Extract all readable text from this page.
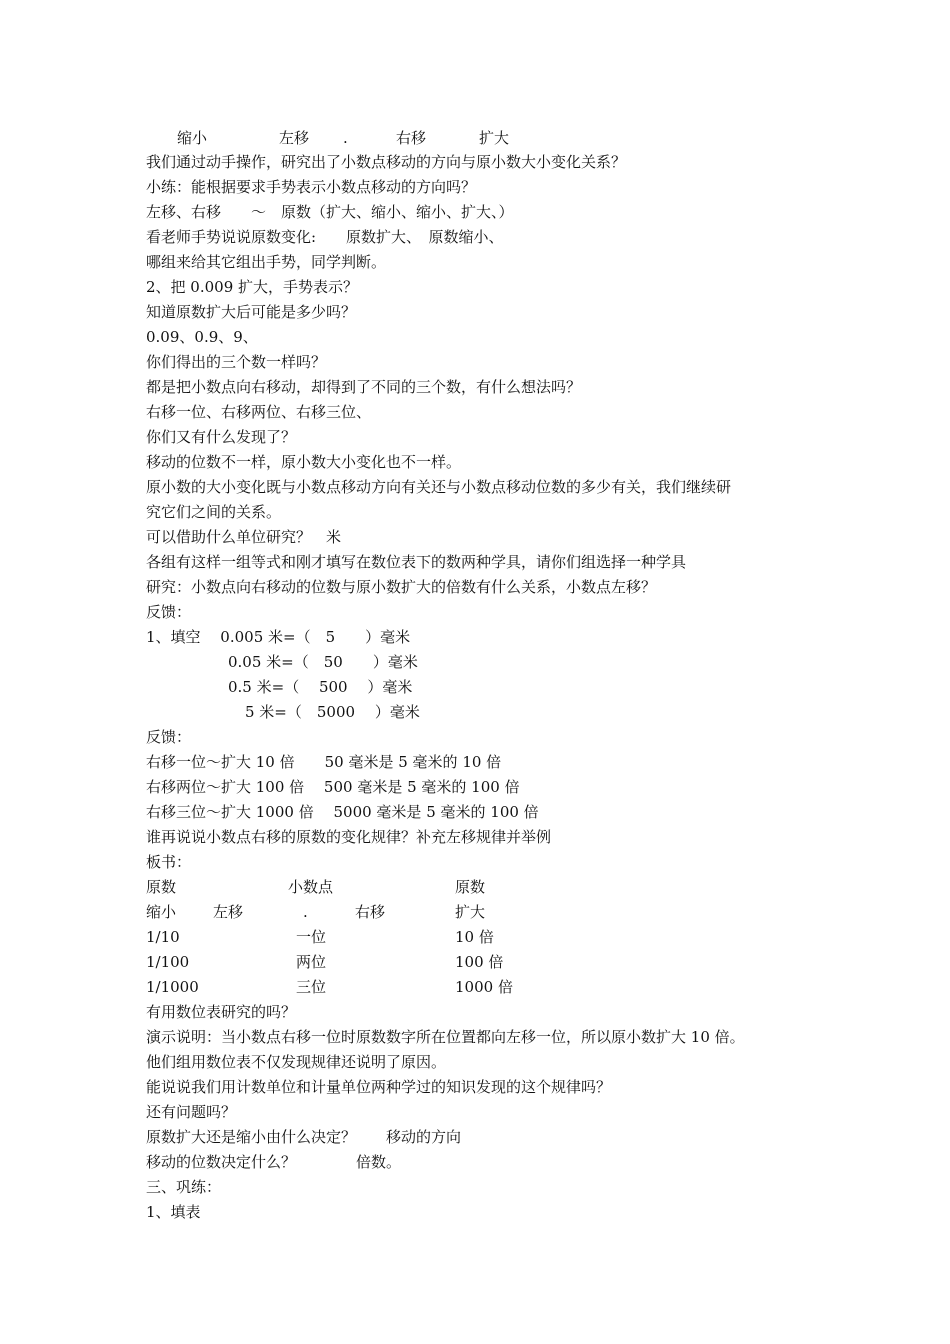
缩小	左移 .	右移	扩大
我们通过动手操作，研究出了小数点移动的方向与原小数大小变化关系？
小练：能根据要求手势表示小数点移动的方向吗？
左移、右移　　～　原数（扩大、缩小、缩小、扩大、）
看老师手势说说原数变化:　　原数扩大、　原数缩小、
哪组来给其它组出手势，同学判断。
2、把 0.009 扩大，手势表示？
知道原数扩大后可能是多少吗？
0.09、0.9、9、
你们得出的三个数一样吗？
都是把小数点向右移动，却得到了不同的三个数，有什么想法吗？
右移一位、右移两位、右移三位、
你们又有什么发现了？
移动的位数不一样，原小数大小变化也不一样。
原小数的大小变化既与小数点移动方向有关还与小数点移动位数的多少有关，我们继续研
究它们之间的关系。
可以借助什么单位研究？　米
各组有这样一组等式和刚才填写在数位表下的数两种学具，请你们组选择一种学具
研究：小数点向右移动的位数与原小数扩大的倍数有什么关系，小数点左移？
反馈：
1、填空　 0.005 米=（　5　　）毫米
0.05 米=（　50　　）毫米
0.5 米=（　 500　 ）毫米
5 米=（　5000　 ）毫米
反馈：
右移一位～扩大 10 倍　　50 毫米是 5 毫米的 10 倍
右移两位～扩大 100 倍　 500 毫米是 5 毫米的 100 倍
右移三位～扩大 1000 倍　 5000 毫米是 5 毫米的 100 倍
谁再说说小数点右移的原数的变化规律？补充左移规律并举例
板书：
原数	小数点	原数
缩小 左移	.	右移	扩大
1/10	一位	10 倍
1/100	两位	100 倍
1/1000	三位	1000 倍
有用数位表研究的吗？
演示说明：当小数点右移一位时原数数字所在位置都向左移一位，所以原小数扩大 10 倍。
他们组用数位表不仅发现规律还说明了原因。
能说说我们用计数单位和计量单位两种学过的知识发现的这个规律吗？
还有问题吗？
原数扩大还是缩小由什么决定？　　移动的方向
移动的位数决定什么？　　　　倍数。
三、巩练：
1、填表
